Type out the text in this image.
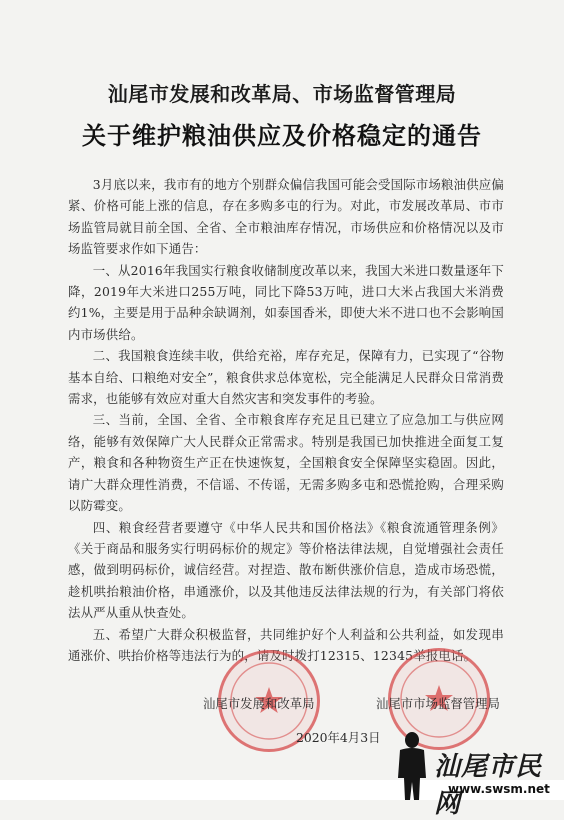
汕尾市发展和改革局、市场监督管理局
关于维护粮油供应及价格稳定的通告

3月底以来，我市有的地方个别群众偏信我国可能会受国际市场粮油供应偏紧、价格可能上涨的信息，存在多购多屯的行为。对此，市发展改革局、市市场监管局就目前全国、全省、全市粮油库存情况，市场供应和价格情况以及市场监管要求作如下通告：

一、从2016年我国实行粮食收储制度改革以来，我国大米进口数量逐年下降，2019年大米进口255万吨，同比下降53万吨，进口大米占我国大米消费约1%，主要是用于品种余缺调剂，如泰国香米，即使大米不进口也不会影响国内市场供给。

二、我国粮食连续丰收，供给充裕，库存充足，保障有力，已实现了“谷物基本自给、口粮绝对安全”，粮食供求总体宽松，完全能满足人民群众日常消费需求，也能够有效应对重大自然灾害和突发事件的考验。

三、当前，全国、全省、全市粮食库存充足且已建立了应急加工与供应网络，能够有效保障广大人民群众正常需求。特别是我国已加快推进全面复工复产，粮食和各种物资生产正在快速恢复，全国粮食安全保障坚实稳固。因此，请广大群众理性消费，不信谣、不传谣，无需多购多屯和恐慌抢购，合理采购以防霉变。

四、粮食经营者要遵守《中华人民共和国价格法》《粮食流通管理条例》《关于商品和服务实行明码标价的规定》等价格法律法规，自觉增强社会责任感，做到明码标价，诚信经营。对捏造、散布断供涨价信息，造成市场恐慌，趁机哄抬粮油价格，串通涨价，以及其他违反法律法规的行为，有关部门将依法从严从重从快查处。

五、希望广大群众积极监督，共同维护好个人利益和公共利益，如发现串通涨价、哄抬价格等违法行为的，请及时拨打12315、12345举报电话。

汕尾市发展和改革局	汕尾市市场监督管理局
2020年4月3日
汕尾市民网
www.swsm.net
